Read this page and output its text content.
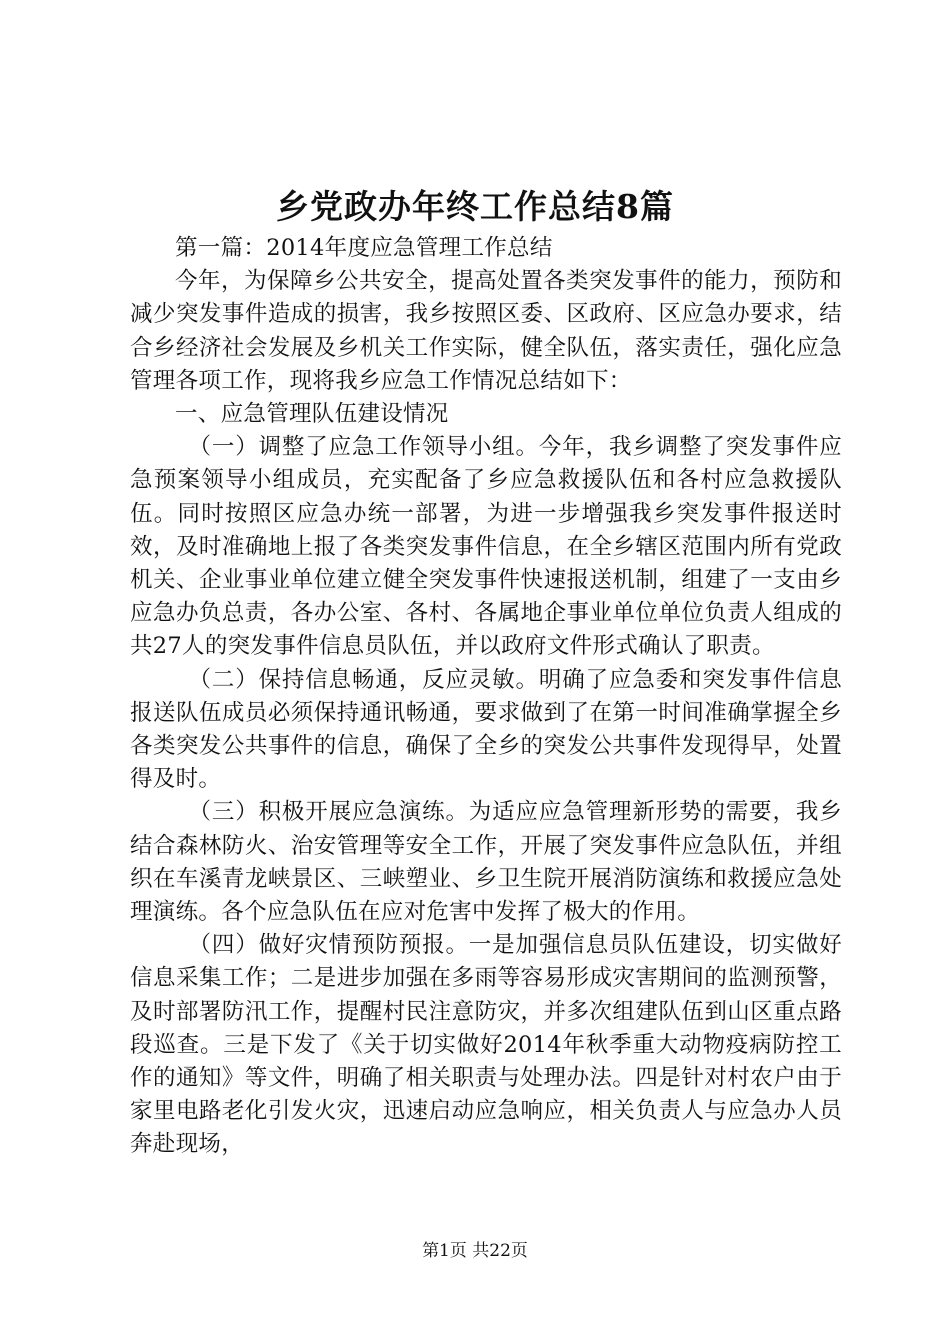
乡党政办年终工作总结8篇

第一篇：2014年度应急管理工作总结

今年，为保障乡公共安全，提高处置各类突发事件的能力，预防和减少突发事件造成的损害，我乡按照区委、区政府、区应急办要求，结合乡经济社会发展及乡机关工作实际，健全队伍，落实责任，强化应急管理各项工作，现将我乡应急工作情况总结如下：

一、应急管理队伍建设情况

（一）调整了应急工作领导小组。今年，我乡调整了突发事件应急预案领导小组成员，充实配备了乡应急救援队伍和各村应急救援队伍。同时按照区应急办统一部署，为进一步增强我乡突发事件报送时效，及时准确地上报了各类突发事件信息，在全乡辖区范围内所有党政机关、企业事业单位建立健全突发事件快速报送机制，组建了一支由乡应急办负总责，各办公室、各村、各属地企事业单位单位负责人组成的共27人的突发事件信息员队伍，并以政府文件形式确认了职责。

（二）保持信息畅通，反应灵敏。明确了应急委和突发事件信息报送队伍成员必须保持通讯畅通，要求做到了在第一时间准确掌握全乡各类突发公共事件的信息，确保了全乡的突发公共事件发现得早，处置得及时。

（三）积极开展应急演练。为适应应急管理新形势的需要，我乡结合森林防火、治安管理等安全工作，开展了突发事件应急队伍，并组织在车溪青龙峡景区、三峡塑业、乡卫生院开展消防演练和救援应急处理演练。各个应急队伍在应对危害中发挥了极大的作用。

（四）做好灾情预防预报。一是加强信息员队伍建设，切实做好信息采集工作；二是进步加强在多雨等容易形成灾害期间的监测预警，及时部署防汛工作，提醒村民注意防灾，并多次组建队伍到山区重点路段巡查。三是下发了《关于切实做好2014年秋季重大动物疫病防控工作的通知》等文件，明确了相关职责与处理办法。四是针对村农户由于家里电路老化引发火灾，迅速启动应急响应，相关负责人与应急办人员奔赴现场，

第1页 共22页
